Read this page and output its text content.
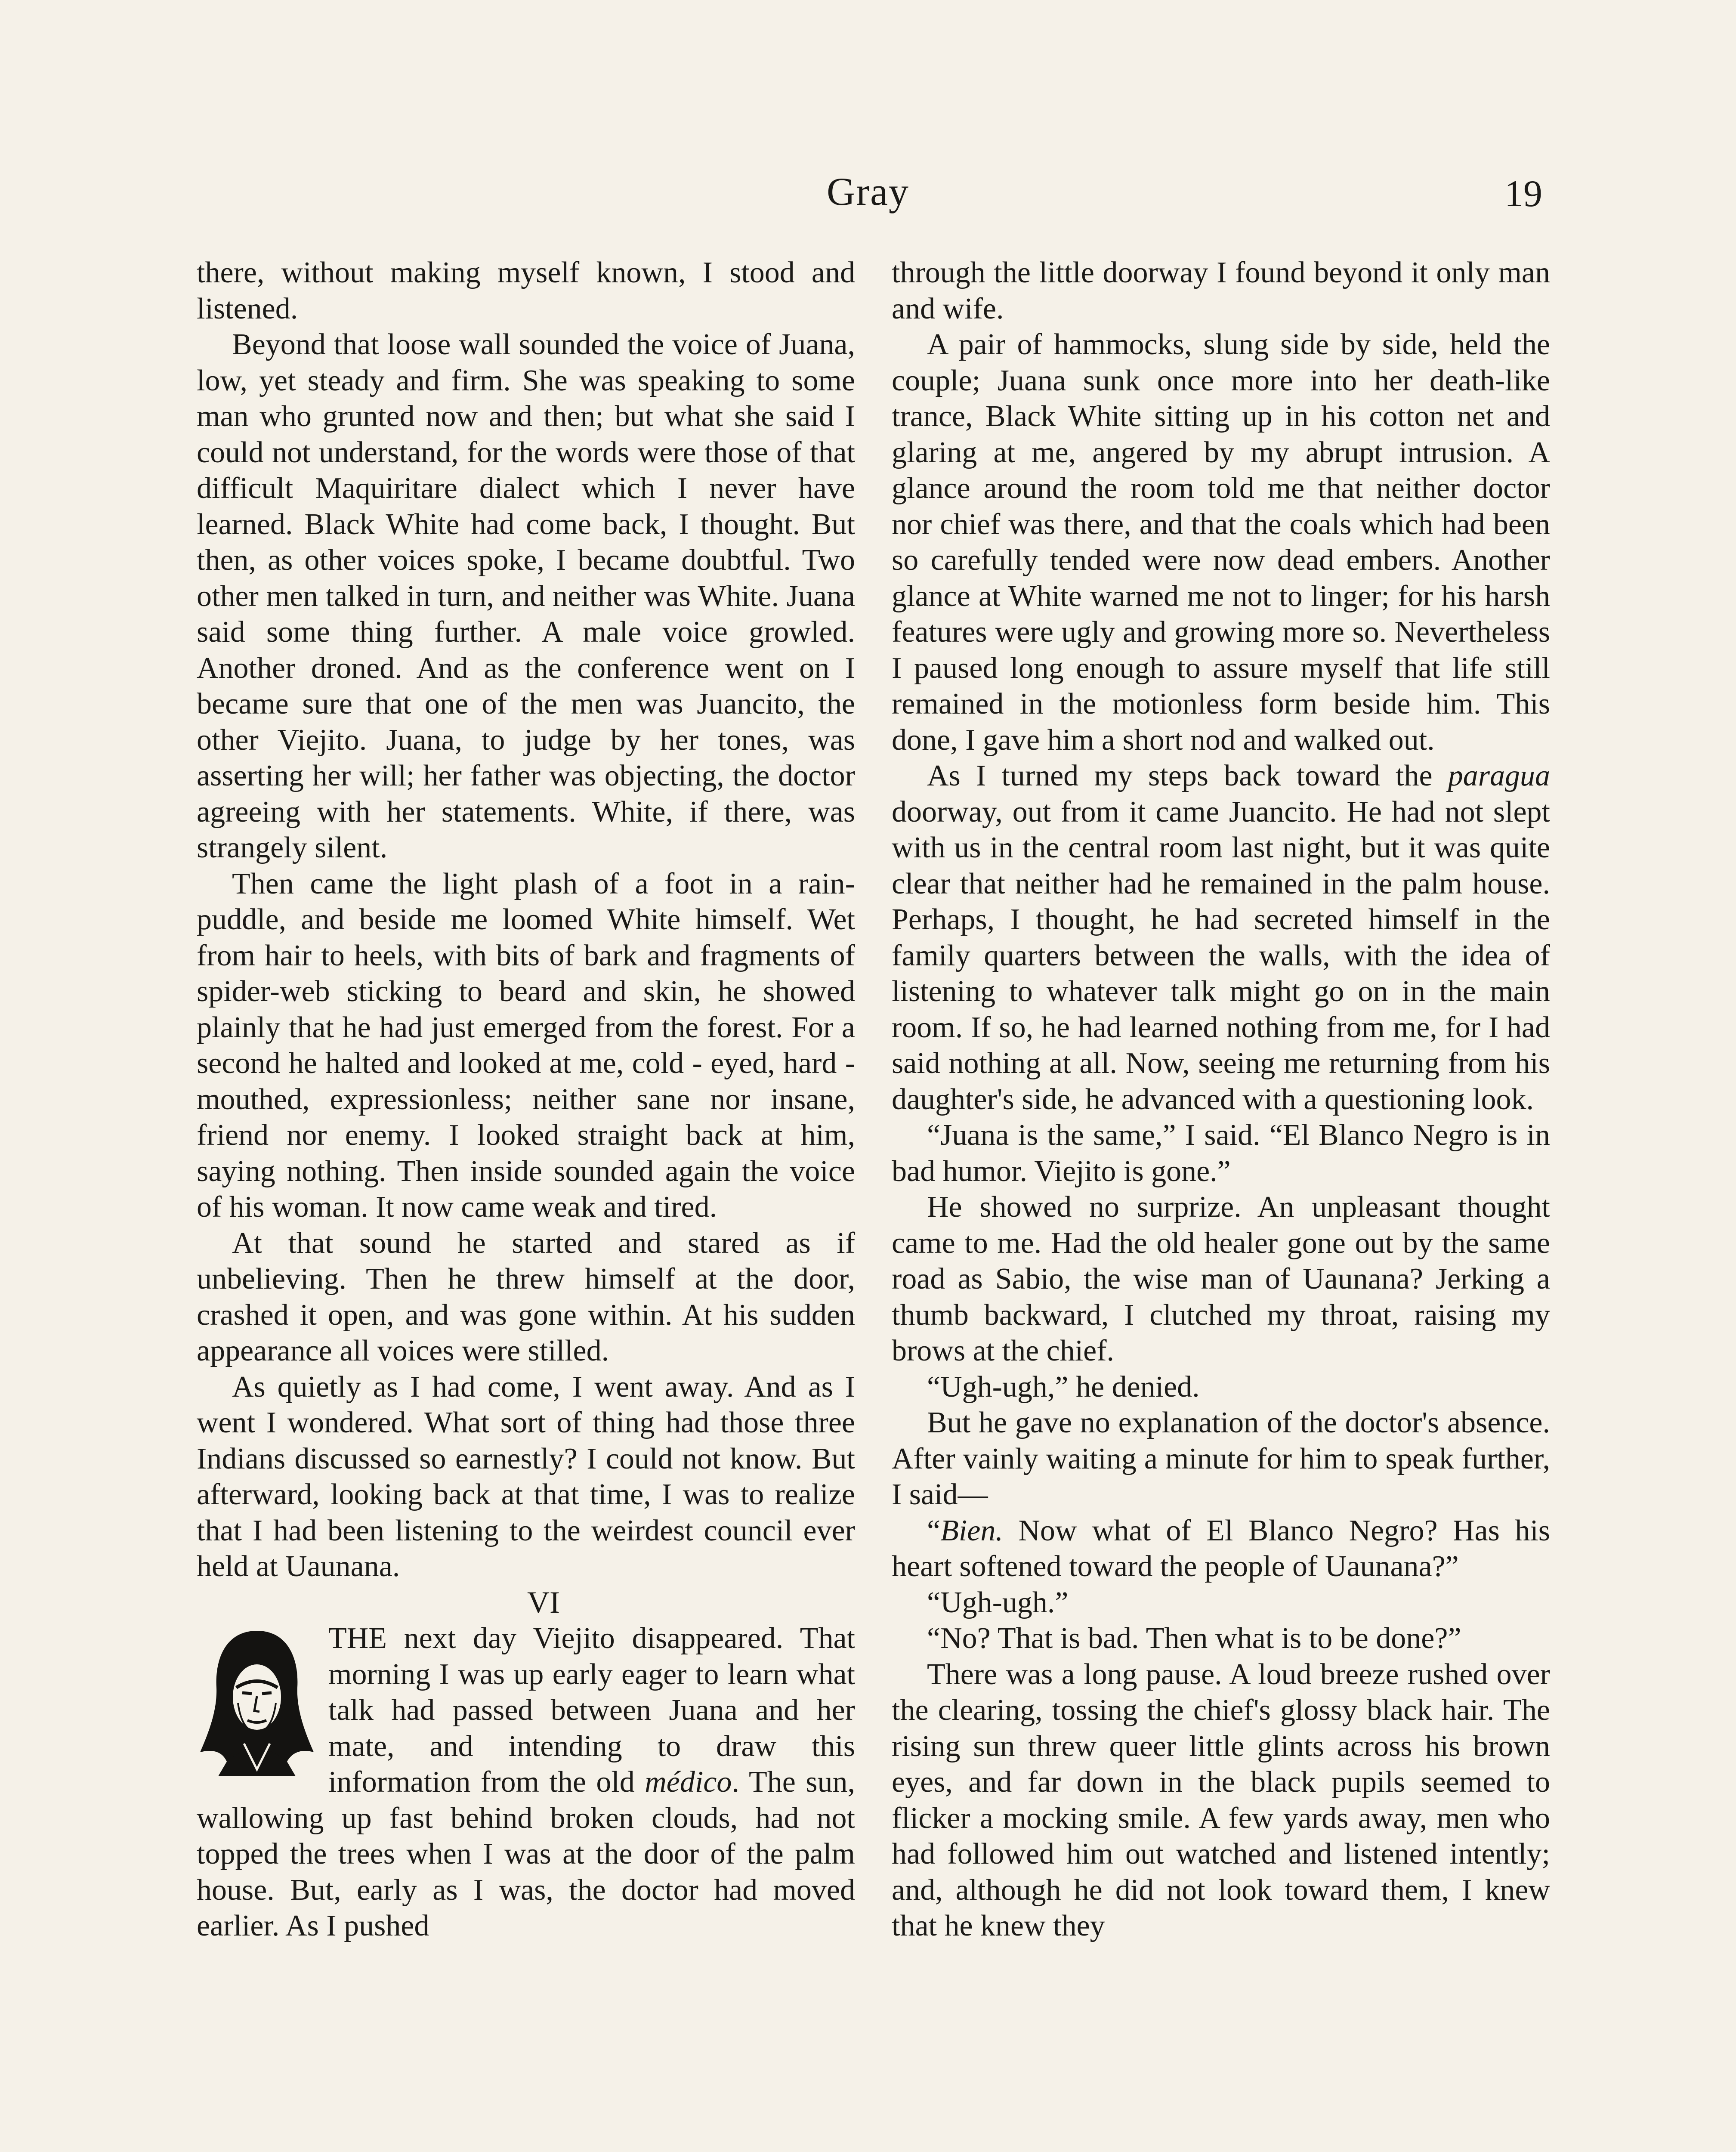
Gray	19

there, without making myself known, I stood and listened.

Beyond that loose wall sounded the voice of Juana, low, yet steady and firm. She was speaking to some man who grunted now and then; but what she said I could not understand, for the words were those of that difficult Maquiritare dialect which I never have learned. Black White had come back, I thought. But then, as other voices spoke, I became doubtful. Two other men talked in turn, and neither was White. Juana said some thing further. A male voice growled. Another droned. And as the conference went on I became sure that one of the men was Juancito, the other Viejito. Juana, to judge by her tones, was asserting her will; her father was objecting, the doctor agreeing with her statements. White, if there, was strangely silent.

Then came the light plash of a foot in a rain-puddle, and beside me loomed White himself. Wet from hair to heels, with bits of bark and fragments of spider-web sticking to beard and skin, he showed plainly that he had just emerged from the forest. For a second he halted and looked at me, cold - eyed, hard - mouthed, expressionless; neither sane nor insane, friend nor enemy. I looked straight back at him, saying nothing. Then inside sounded again the voice of his woman. It now came weak and tired.

At that sound he started and stared as if unbelieving. Then he threw himself at the door, crashed it open, and was gone within. At his sudden appearance all voices were stilled.

As quietly as I had come, I went away. And as I went I wondered. What sort of thing had those three Indians discussed so earnestly? I could not know. But afterward, looking back at that time, I was to realize that I had been listening to the weirdest council ever held at Uaunana.

VI

THE next day Viejito disappeared. That morning I was up early eager to learn what talk had passed between Juana and her mate, and intending to draw this information from the old médico. The sun, wallowing up fast behind broken clouds, had not topped the trees when I was at the door of the palm house. But, early as I was, the doctor had moved earlier. As I pushed

through the little doorway I found beyond it only man and wife.

A pair of hammocks, slung side by side, held the couple; Juana sunk once more into her death-like trance, Black White sitting up in his cotton net and glaring at me, angered by my abrupt intrusion. A glance around the room told me that neither doctor nor chief was there, and that the coals which had been so carefully tended were now dead embers. Another glance at White warned me not to linger; for his harsh features were ugly and growing more so. Nevertheless I paused long enough to assure myself that life still remained in the motionless form beside him. This done, I gave him a short nod and walked out.

As I turned my steps back toward the paragua doorway, out from it came Juancito. He had not slept with us in the central room last night, but it was quite clear that neither had he remained in the palm house. Perhaps, I thought, he had secreted himself in the family quarters between the walls, with the idea of listening to whatever talk might go on in the main room. If so, he had learned nothing from me, for I had said nothing at all. Now, seeing me returning from his daughter's side, he advanced with a questioning look.

“Juana is the same,” I said. “El Blanco Negro is in bad humor. Viejito is gone.”

He showed no surprize. An unpleasant thought came to me. Had the old healer gone out by the same road as Sabio, the wise man of Uaunana? Jerking a thumb backward, I clutched my throat, raising my brows at the chief.

“Ugh-ugh,” he denied.

But he gave no explanation of the doctor's absence. After vainly waiting a minute for him to speak further, I said—

“Bien. Now what of El Blanco Negro? Has his heart softened toward the people of Uaunana?”

“Ugh-ugh.”

“No? That is bad. Then what is to be done?”

There was a long pause. A loud breeze rushed over the clearing, tossing the chief's glossy black hair. The rising sun threw queer little glints across his brown eyes, and far down in the black pupils seemed to flicker a mocking smile. A few yards away, men who had followed him out watched and listened intently; and, although he did not look toward them, I knew that he knew they
